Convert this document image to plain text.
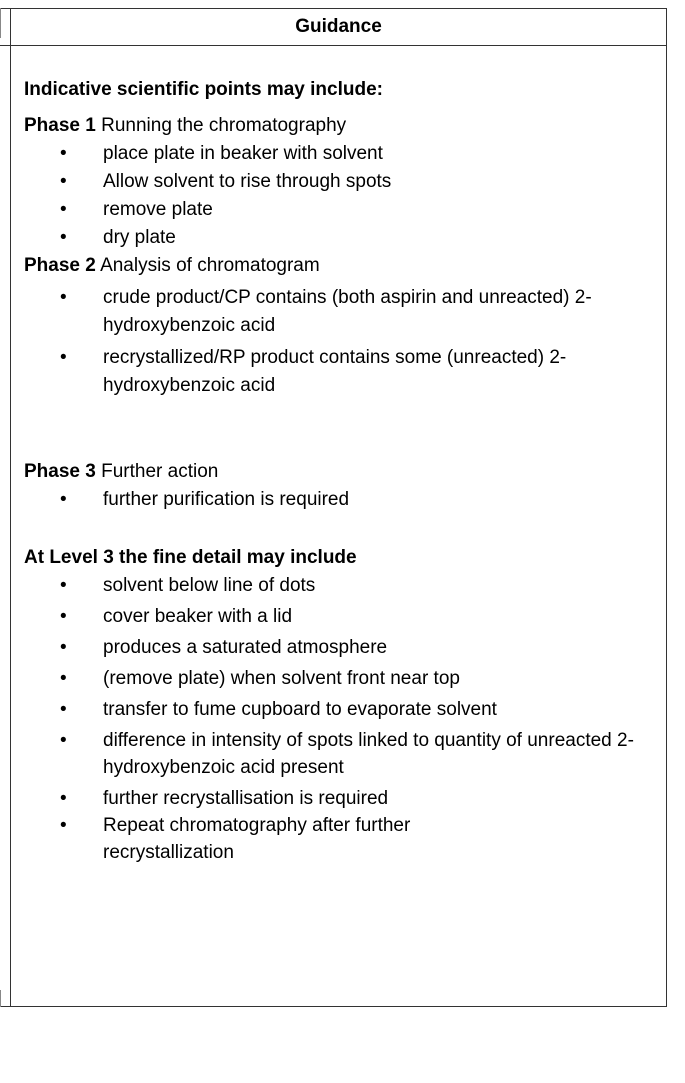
Guidance

Indicative scientific points may include:

Phase 1 Running the chromatography

• place plate in beaker with solvent
• Allow solvent to rise through spots
• remove plate
• dry plate

Phase 2 Analysis of chromatogram

• crude product/CP contains (both aspirin and unreacted) 2-hydroxybenzoic acid
• recrystallized/RP product contains some (unreacted) 2-hydroxybenzoic acid

Phase 3 Further action

• further purification is required

At Level 3 the fine detail may include

• solvent below line of dots
• cover beaker with a lid
• produces a saturated atmosphere
• (remove plate) when solvent front near top
• transfer to fume cupboard to evaporate solvent
• difference in intensity of spots linked to quantity of unreacted 2-hydroxybenzoic acid present
• further recrystallisation is required
• Repeat chromatography after further recrystallization
